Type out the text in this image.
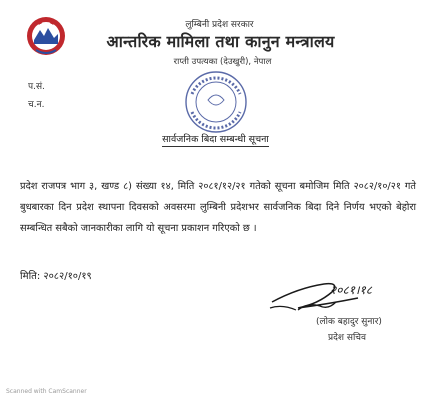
लुम्बिनी प्रदेश सरकार
आन्तरिक मामिला तथा कानुन मन्त्रालय
राप्ती उपत्यका (देउखुरी), नेपाल
प.सं.
च.न.
सार्वजनिक बिदा सम्बन्धी सूचना
प्रदेश राजपत्र भाग ३, खण्ड ८) संख्या १४, मिति २०८१/१२/२१ गतेको सूचना बमोजिम मिति २०८२/१०/२१ गते बुधबारका दिन प्रदेश स्थापना दिवसको अवसरमा लुम्बिनी प्रदेशभर सार्वजनिक बिदा दिने निर्णय भएको बेहोरा सम्बन्धित सबैको जानकारीका लागि यो सूचना प्रकाशन गरिएको छ ।
मिति: २०८२/१०/१९
२०८१।१८
(लोक बहादुर सुनार)
प्रदेश सचिव
Scanned with CamScanner
